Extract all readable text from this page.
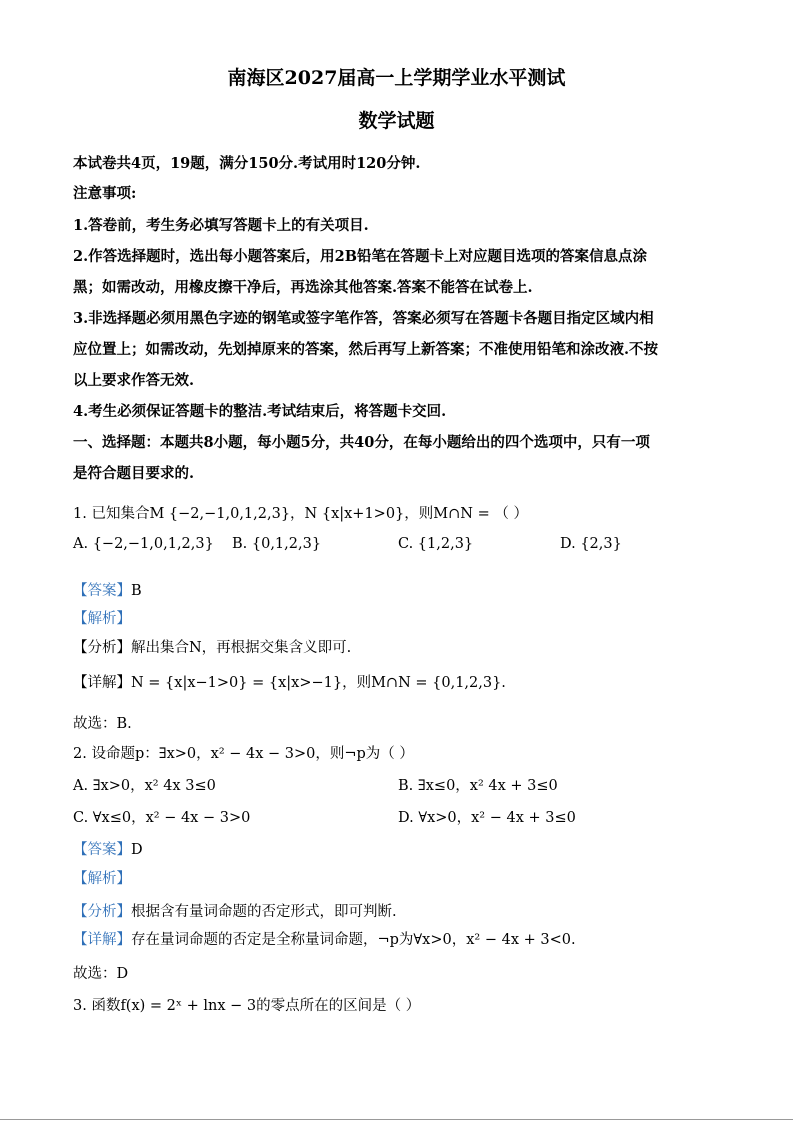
南海区2027届高一上学期学业水平测试
数学试题
本试卷共4页，19题，满分150分.考试用时120分钟.
注意事项:
1.答卷前，考生务必填写答题卡上的有关项目.
2.作答选择题时，选出每小题答案后，用2B铅笔在答题卡上对应题目选项的答案信息点涂
黑；如需改动，用橡皮擦干净后，再选涂其他答案.答案不能答在试卷上.
3.非选择题必须用黑色字迹的钢笔或签字笔作答，答案必须写在答题卡各题目指定区域内相
应位置上；如需改动，先划掉原来的答案，然后再写上新答案；不准使用铅笔和涂改液.不按
以上要求作答无效.
4.考生必须保证答题卡的整洁.考试结束后，将答题卡交回.
一、选择题：本题共8小题，每小题5分，共40分，在每小题给出的四个选项中，只有一项
是符合题目要求的.
1. 已知集合M {−2,−1,0,1,2,3}，N {x|x+1>0}，则M∩N = （ ）
A. {−2,−1,0,1,2,3} B. {0,1,2,3}	C. {1,2,3}	D. {2,3}
【答案】B
【解析】
【分析】解出集合N，再根据交集含义即可.
【详解】N = {x|x−1>0} = {x|x>−1}，则M∩N = {0,1,2,3}.
故选：B.
2. 设命题p：∃x>0，x² − 4x − 3>0，则¬p为（ ）
A. ∃x>0，x² 4x 3≤0	B. ∃x≤0，x² 4x + 3≤0
C. ∀x≤0，x² − 4x − 3>0	D. ∀x>0，x² − 4x + 3≤0
【答案】D
【解析】
【分析】根据含有量词命题的否定形式，即可判断.
【详解】存在量词命题的否定是全称量词命题，¬p为∀x>0，x² − 4x + 3<0.
故选：D
3. 函数f(x) = 2ˣ + lnx − 3的零点所在的区间是（ ）
